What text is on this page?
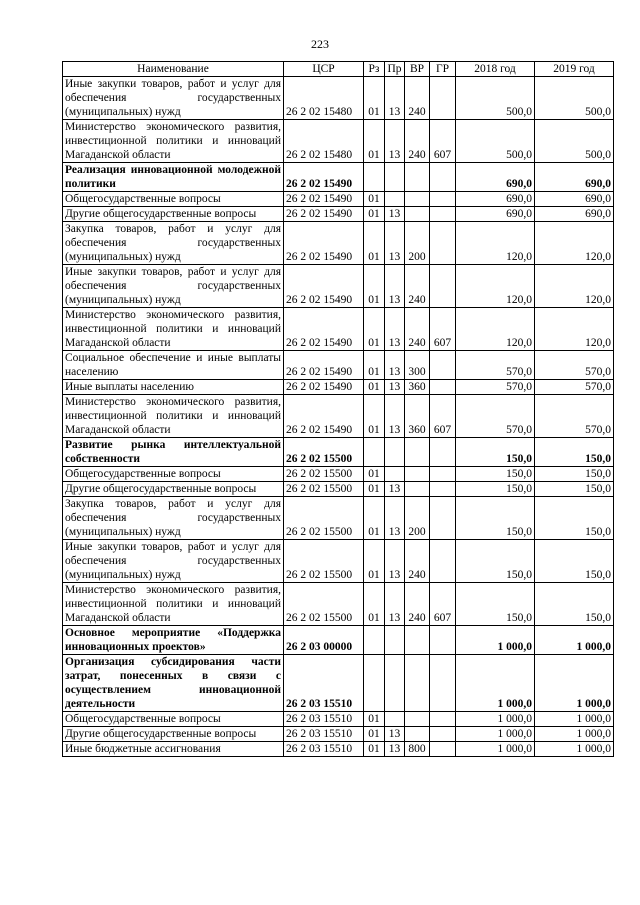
223
Наименование	ЦСР	Рз	Пр	ВР	ГР	2018 год	2019 год
Иные закупки товаров, работ и услуг для обеспечения государственных (муниципальных) нужд	26 2 02 15480	01	13	240		500,0	500,0
Министерство экономического развития, инвестиционной политики и инноваций Магаданской области	26 2 02 15480	01	13	240	607	500,0	500,0
Реализация инновационной молодежной политики	26 2 02 15490					690,0	690,0
Общегосударственные вопросы	26 2 02 15490	01				690,0	690,0
Другие общегосударственные вопросы	26 2 02 15490	01	13			690,0	690,0
Закупка товаров, работ и услуг для обеспечения государственных (муниципальных) нужд	26 2 02 15490	01	13	200		120,0	120,0
Иные закупки товаров, работ и услуг для обеспечения государственных (муниципальных) нужд	26 2 02 15490	01	13	240		120,0	120,0
Министерство экономического развития, инвестиционной политики и инноваций Магаданской области	26 2 02 15490	01	13	240	607	120,0	120,0
Социальное обеспечение и иные выплаты населению	26 2 02 15490	01	13	300		570,0	570,0
Иные выплаты населению	26 2 02 15490	01	13	360		570,0	570,0
Министерство экономического развития, инвестиционной политики и инноваций Магаданской области	26 2 02 15490	01	13	360	607	570,0	570,0
Развитие рынка интеллектуальной собственности	26 2 02 15500					150,0	150,0
Общегосударственные вопросы	26 2 02 15500	01				150,0	150,0
Другие общегосударственные вопросы	26 2 02 15500	01	13			150,0	150,0
Закупка товаров, работ и услуг для обеспечения государственных (муниципальных) нужд	26 2 02 15500	01	13	200		150,0	150,0
Иные закупки товаров, работ и услуг для обеспечения государственных (муниципальных) нужд	26 2 02 15500	01	13	240		150,0	150,0
Министерство экономического развития, инвестиционной политики и инноваций Магаданской области	26 2 02 15500	01	13	240	607	150,0	150,0
Основное мероприятие «Поддержка инновационных проектов»	26 2 03 00000					1 000,0	1 000,0
Организация субсидирования части затрат, понесенных в связи с осуществлением инновационной деятельности	26 2 03 15510					1 000,0	1 000,0
Общегосударственные вопросы	26 2 03 15510	01				1 000,0	1 000,0
Другие общегосударственные вопросы	26 2 03 15510	01	13			1 000,0	1 000,0
Иные бюджетные ассигнования	26 2 03 15510	01	13	800		1 000,0	1 000,0
